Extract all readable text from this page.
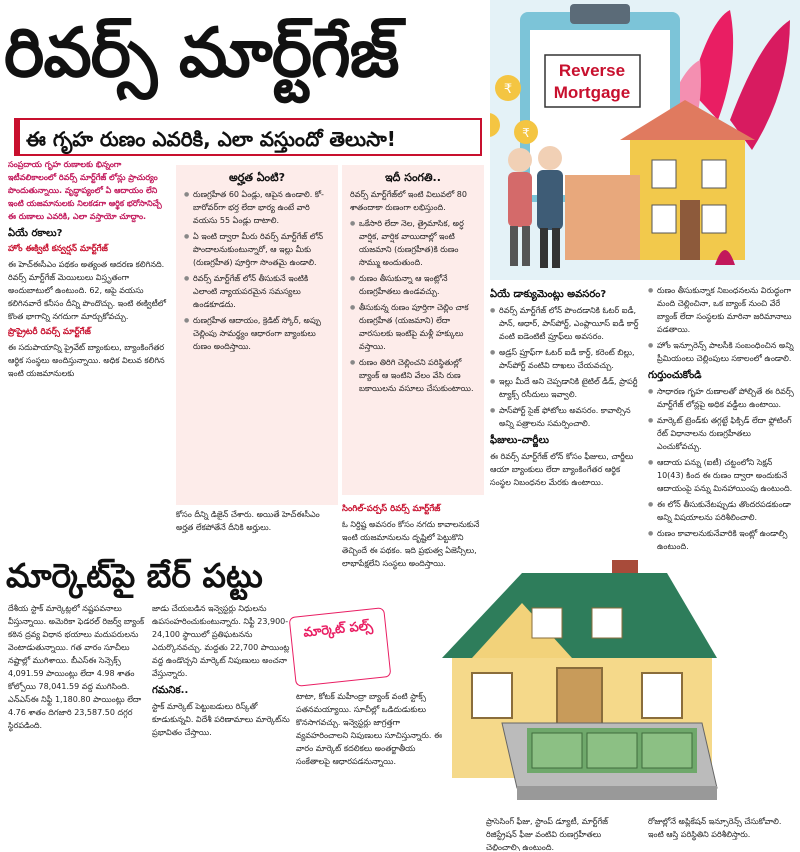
రివర్స్ మార్ట్‌గేజ్
ఈ గృహ రుణం ఎవరికి, ఎలా వస్తుందో తెలుసా!
Reverse
Mortgage
₹
₹

సంప్రదాయ గృహ రుణాలకు భిన్నంగా ఇటీవలికాలంలో రివర్స్ మార్ట్‌గేజ్ లోన్లు ప్రాచుర్యం పొందుతున్నాయి. వృద్ధాప్యంలో ఏ ఆదాయం లేని ఇంటి యజమానులకు నిలకడగా ఆర్థిక భరోసానిచ్చే ఈ రుణాలు ఎవరికి, ఎలా వస్తాయో చూద్దాం.

ఏయే రకాలు?
హోం ఈక్విటీ కన్వర్షన్ మార్ట్‌గేజ్

ఈ హెచ్‌ఈసీఎం పథకం అత్యంత ఆదరణ కలిగినది. రివర్స్ మార్ట్‌గేజ్ మెయిలులు విస్తృతంగా అందుబాటులో ఉంటుంది. 62, ఆపై వయసు కలిగినవారే కనీసం దీన్ని పొందొచ్చు. ఇంటి ఈక్విటీలో కొంత భాగాన్ని నగదుగా మార్చుకోవచ్చు.

ప్రొప్రైటరీ రివర్స్ మార్ట్‌గేజ్

ఈ సదుపాయాన్ని ప్రైవేట్ బ్యాంకులు, బ్యాంకింగేతర ఆర్థిక సంస్థలు అందిస్తున్నాయి. అధిక విలువ కలిగిన ఇంటి యజమానులకు

అర్హత ఏంటి?
● రుణగ్రహీత 60 ఏండ్లు, ఆపైన ఉండాలి. కో-బారోవర్‌గా భర్త లేదా భార్య ఉంటే వారి వయసు 55 ఏండ్లు దాటాలి.
● ఏ ఇంటి ద్వారా మీరు రివర్స్ మార్ట్‌గేజ్ లోన్ పొందాలనుకుంటున్నారో, ఆ ఇల్లు మీకు (రుణగ్రహీత) పూర్తిగా సొంతమై ఉండాలి.
● రివర్స్ మార్ట్‌గేజ్ లోన్ తీసుకునే ఇంటికి ఎలాంటి న్యాయపరమైన సమస్యలు ఉండకూడదు.
● రుణగ్రహీత ఆదాయం, క్రెడిట్ స్కోర్, అప్పు చెల్లింపు సామర్థ్యం ఆధారంగా బ్యాంకులు రుణం అందిస్తాయి.
కోసం దీన్ని డిజైన్ చేశారు. అయితే హెచ్‌ఈసీఎం అర్హత లేకపోతేనే దీనికి అర్హులు.
ఇదీ సంగతి..

రివర్స్ మార్ట్‌గేజ్‌లో ఇంటి విలువలో 80 శాతందాకా రుణంగా లభిస్తుంది.

● ఒకేసారి లేదా నెల, త్రైమాసిక, అర్ధ వార్షిక, వార్షిక వాయిదాల్లో ఇంటి యజమాని (రుణగ్రహీత)కి రుణం సొమ్ము అందుతుంది.
● రుణం తీసుకున్నా ఆ ఇంట్లోనే రుణగ్రహీతలు ఉండవచ్చు.
● తీసుకున్న రుణం పూర్తిగా చెల్లిం చాక రుణగ్రహీత (యజమాని) లేదా వారసులకు ఇంటిపై మళ్లీ హక్కులు వస్తాయి.
● రుణం తిరిగి చెల్లించని పరిస్థితుల్లో బ్యాంక్ ఆ ఇంటిని వేలం వేసి రుణ బకాయిలను వసూలు చేసుకుంటాయి.
సింగిల్-పర్పస్ రివర్స్ మార్ట్‌గేజ్

ఓ నిర్దిష్ట అవసరం కోసం నగదు కావాలనుకునే ఇంటి యజమానులను దృష్టిలో పెట్టుకొని తెచ్చిందే ఈ పథకం. ఇది ప్రభుత్వ ఏజెన్సీలు, లాభాపేక్షలేని సంస్థలు అందిస్తాయి.

ఏయే డాక్యుమెంట్లు అవసరం?
● రివర్స్ మార్ట్‌గేజ్ లోన్ పొందడానికి ఓటర్ ఐడీ, పాన్, ఆధార్, పాస్‌పోర్ట్, ఎంప్లాయీస్ ఐడీ కార్డ్ వంటి ఐడెంటిటీ ప్రూఫ్‌లు అవసరం.
● అడ్రస్ ప్రూఫ్‌గా ఓటర్ ఐడీ కార్డ్, కరెంట్ బిల్లు, పాస్‌పోర్ట్ వంటివి దాఖలు చేయవచ్చు.
● ఇల్లు మీదే అని చెప్పడానికి టైటిల్ డీడ్, ప్రాపర్టీ ట్యాక్స్ రసీదులు ఇవ్వాలి.
● పాస్‌పోర్ట్ సైజ్ ఫోటోలు అవసరం. కావాల్సిన అన్ని పత్రాలను సమర్పించాలి.
ఫీజులు-చార్జీలు

ఈ రివర్స్ మార్ట్‌గేజ్ లోన్ కోసం ఫీజులు, చార్జీలు ఆయా బ్యాంకులు లేదా బ్యాంకింగేతర ఆర్థిక సంస్థల నిబంధనల మేరకు ఉంటాయి.

● రుణం తీసుకున్నాక నిబంధనలను విరుద్ధంగా మంది చెల్లించినా, ఒక బ్యాంక్ నుంచి వేరే బ్యాంక్ లేదా సంస్థలకు మారినా జరిమానాలు పడతాయి.
● హోం ఇన్సూరెన్స్ పాలసీకి సంబంధించిన అన్ని ప్రీమియంలు చెల్లింపులు సకాలంలో ఉండాలి.
గుర్తుంచుకోండి
● సాధారణ గృహ రుణాలతో పోల్చితే ఈ రివర్స్ మార్ట్‌గేజ్ లోన్లపై అధిక వడ్డీలు ఉంటాయి.
● మార్కెట్ ట్రెండ్‌కు తగ్గట్టే ఫిక్సిడ్ లేదా ఫ్లోటింగ్ రేట్ విధానాలను రుణగ్రహీతలు ఎంచుకోవచ్చు.
● ఆదాయ పన్ను (ఐటీ) చట్టంలోని సెక్షన్ 10(43) కింద ఈ రుణం ద్వారా అందుకునే ఆదాయంపై పన్ను మినహాయింపు ఉంటుంది.
● ఈ లోన్ తీసుకునేటప్పుడు తొందరపడకుండా అన్ని విషయాలను పరిశీలించాలి.
● రుణం కావాలనుకునేవారికి ఇంట్లో ఉండాల్సి ఉంటుంది.
మార్కెట్‌పై బేర్ పట్టు
మార్కెట్ పల్స్
దేశీయ స్టాక్ మార్కెట్లలో నష్టపవనాలు వీస్తున్నాయి. అమెరికా ఫెడరల్ రిజర్వ్ బ్యాంక్ కఠిన ద్రవ్య విధాన భయాలు మదుపరులను వెంటాడుతున్నాయి. గత వారం సూచీలు నష్టాల్లో ముగిశాయి. బీఎస్‌ఈ సెన్సెక్స్ 4,091.59 పాయింట్లు లేదా 4.98 శాతం కోల్పోయి 78,041.59 వద్ద ముగిసింది. ఎన్‌ఎస్‌ఈ నిఫ్టీ 1,180.80 పాయింట్లు లేదా 4.76 శాతం దిగజారి 23,587.50 దగ్గర స్థిరపడింది.

జాడు చేయబడిన ఇన్వెస్టర్లు నిధులను ఉపసంహరించుకుంటున్నారు. నిఫ్టీ 23,900-24,100 స్థాయిలో ప్రతిఘటనను ఎదుర్కొనవచ్చు. మద్దతు 22,700 పాయింట్ల వద్ద ఉండొచ్చని మార్కెట్ నిపుణులు అంచనా వేస్తున్నారు.

గమనిక..

స్టాక్ మార్కెట్ పెట్టుబడులు రిస్క్‌తో కూడుకున్నవి. విదేశీ పరిణామాలు మార్కెట్‌ను ప్రభావితం చేస్తాయి.

టాటా, కోటక్ మహీంద్రా బ్యాంక్ వంటి స్టాక్స్ పతనమయ్యాయి. సూచీల్లో ఒడిదుడుకులు కొనసాగవచ్చు. ఇన్వెస్టర్లు జాగ్రత్తగా వ్యవహరించాలని నిపుణులు సూచిస్తున్నారు. ఈ వారం మార్కెట్ కదలికలు అంతర్జాతీయ సంకేతాలపై ఆధారపడనున్నాయి.
ప్రాసెసింగ్ ఫీజు, స్టాంప్ డ్యూటీ, మార్ట్‌గేజ్ రిజిస్ట్రేషన్ ఫీజు వంటివి రుణగ్రహీతలు చెల్లించాల్సి ఉంటుంది.
రోజుల్లోనే అప్లికేషన్ ఇన్సూరెన్స్ చేసుకోవాలి. ఇంటి ఆస్తి పరిస్థితిని పరిశీలిస్తారు.
